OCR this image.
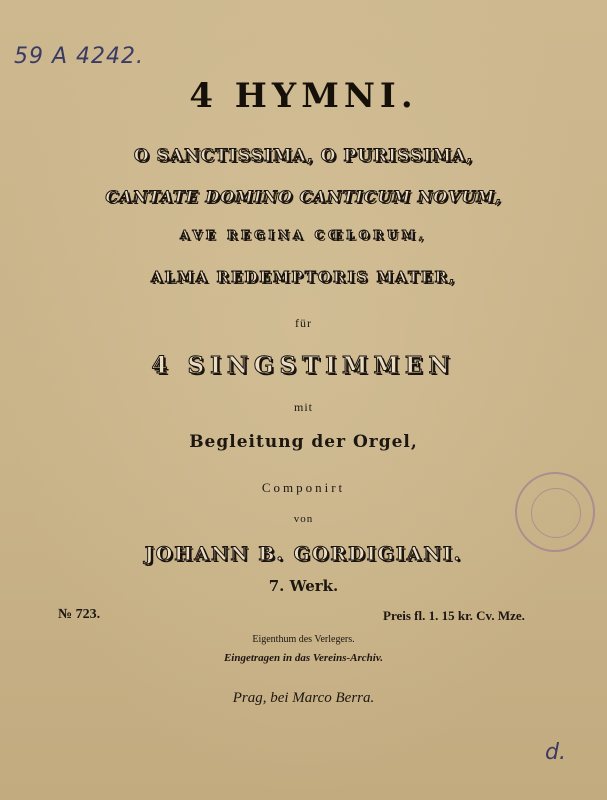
59 A 4242.
4 HYMNI.
O SANCTISSIMA, O PURISSIMA,
CANTATE DOMINO CANTICUM NOVUM,
AVE REGINA CŒLORUM,
ALMA REDEMPTORIS MATER,
für
4 SINGSTIMMEN
mit
Begleitung der Orgel,
Componirt
von
JOHANN B. GORDIGIANI.
7. Werk.
№ 723.	Preis fl. 1. 15 kr. Cv. Mze.
Eigenthum des Verlegers.
Eingetragen in das Vereins-Archiv.
Prag, bei Marco Berra.
d.
